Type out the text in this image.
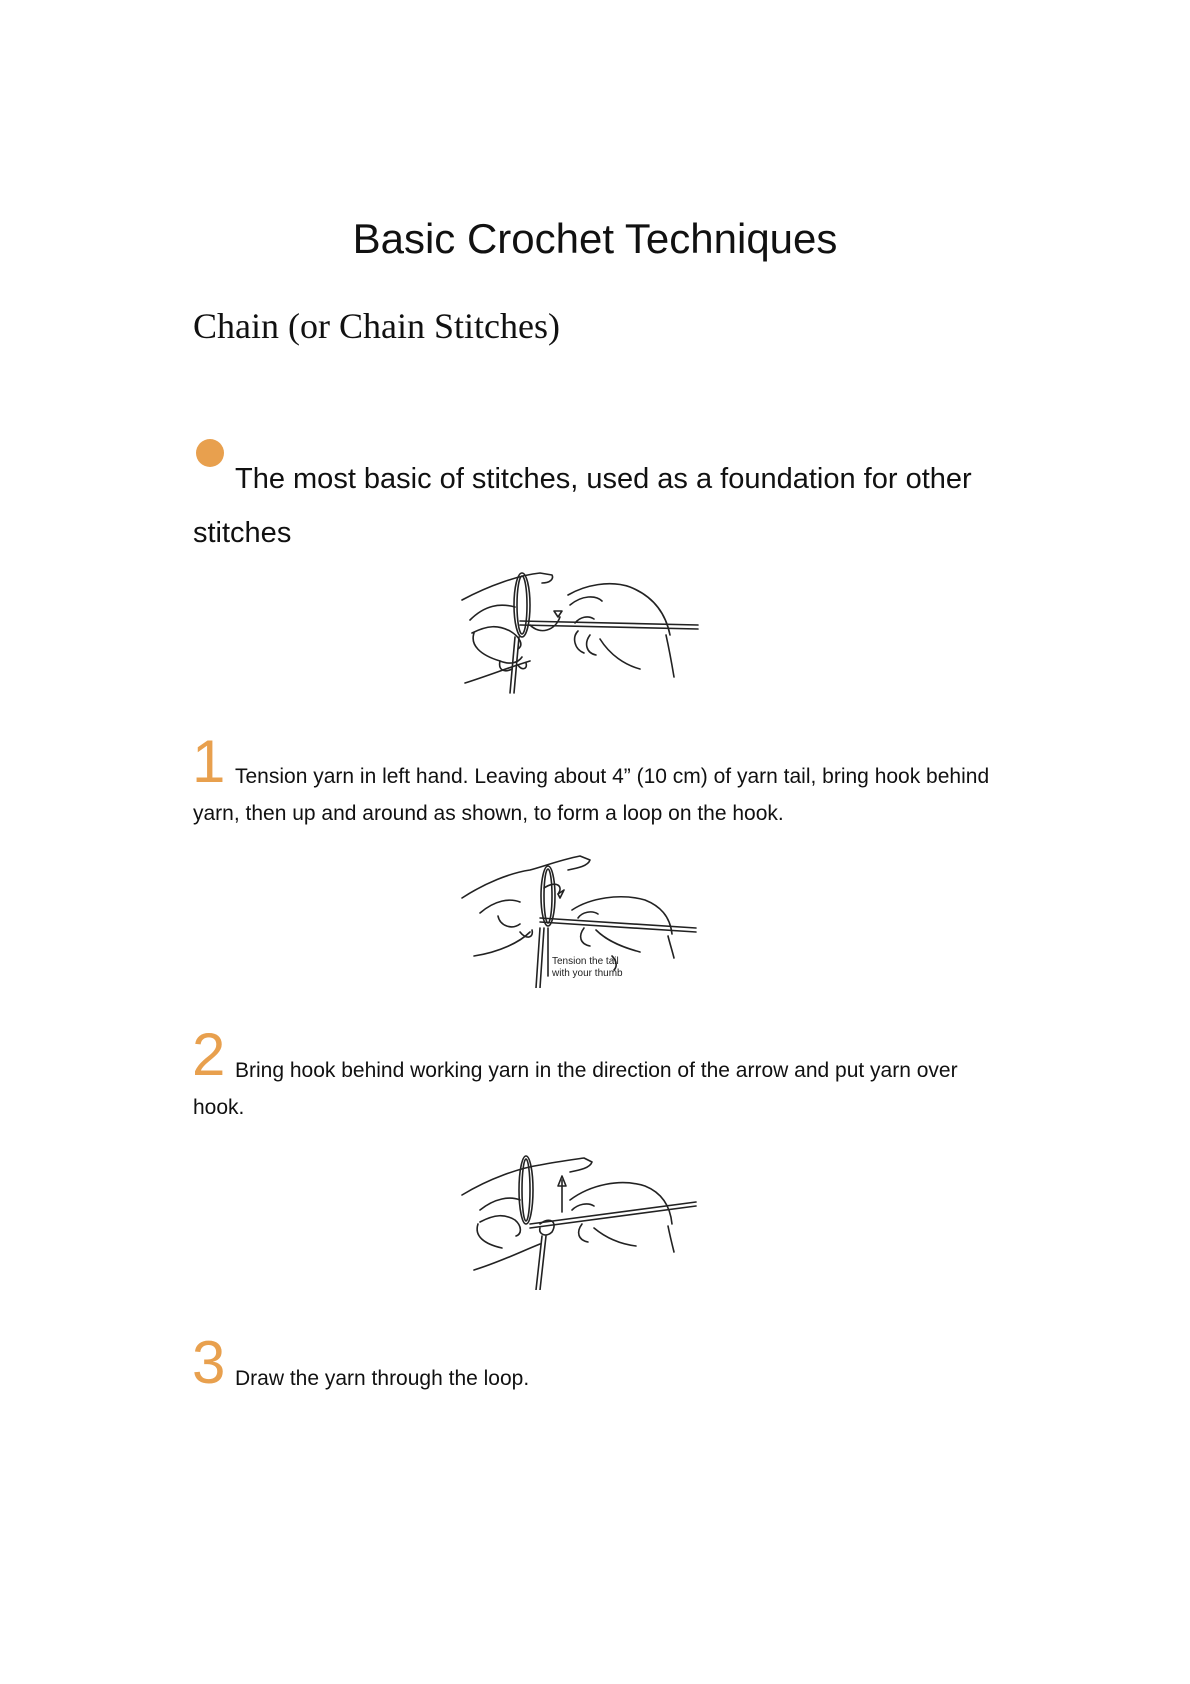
Basic Crochet Techniques
Chain (or Chain Stitches)
The most basic of stitches, used as a foundation for other stitches
Tension the tail
with your thumb
1 Tension yarn in left hand. Leaving about 4” (10 cm) of yarn tail, bring hook behind yarn, then up and around as shown, to form a loop on the hook.
2 Bring hook behind working yarn in the direction of the arrow and put yarn over hook.
3 Draw the yarn through the loop.
